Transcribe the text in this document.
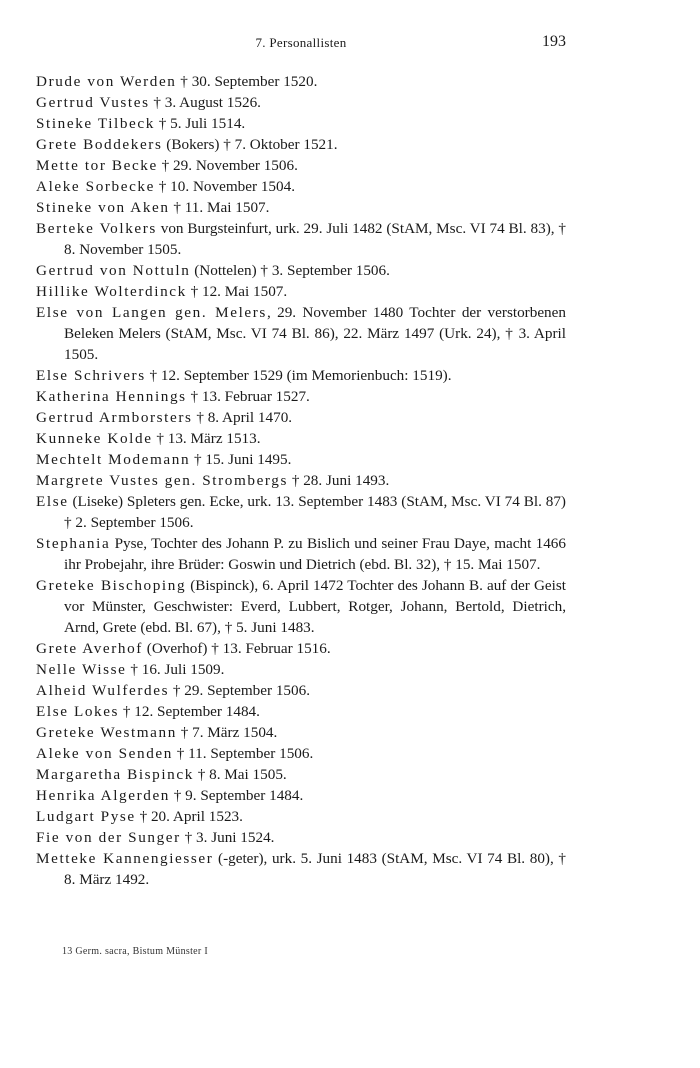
7. Personallisten	193

Drude von Werden † 30. September 1520.

Gertrud Vustes † 3. August 1526.

Stineke Tilbeck † 5. Juli 1514.

Grete Boddekers (Bokers) † 7. Oktober 1521.

Mette tor Becke † 29. November 1506.

Aleke Sorbecke † 10. November 1504.

Stineke von Aken † 11. Mai 1507.

Berteke Volkers von Burgsteinfurt, urk. 29. Juli 1482 (StAM, Msc. VI 74 Bl. 83), † 8. November 1505.

Gertrud von Nottuln (Nottelen) † 3. September 1506.

Hillike Wolterdinck † 12. Mai 1507.

Else von Langen gen. Melers, 29. November 1480 Tochter der verstorbenen Beleken Melers (StAM, Msc. VI 74 Bl. 86), 22. März 1497 (Urk. 24), † 3. April 1505.

Else Schrivers † 12. September 1529 (im Memorienbuch: 1519).

Katherina Hennings † 13. Februar 1527.

Gertrud Armborsters † 8. April 1470.

Kunneke Kolde † 13. März 1513.

Mechtelt Modemann † 15. Juni 1495.

Margrete Vustes gen. Strombergs † 28. Juni 1493.

Else (Liseke) Spleters gen. Ecke, urk. 13. September 1483 (StAM, Msc. VI 74 Bl. 87) † 2. September 1506.

Stephania Pyse, Tochter des Johann P. zu Bislich und seiner Frau Daye, macht 1466 ihr Probejahr, ihre Brüder: Goswin und Dietrich (ebd. Bl. 32), † 15. Mai 1507.

Greteke Bischoping (Bispinck), 6. April 1472 Tochter des Johann B. auf der Geist vor Münster, Geschwister: Everd, Lubbert, Rotger, Johann, Bertold, Dietrich, Arnd, Grete (ebd. Bl. 67), † 5. Juni 1483.

Grete Averhof (Overhof) † 13. Februar 1516.

Nelle Wisse † 16. Juli 1509.

Alheid Wulferdes † 29. September 1506.

Else Lokes † 12. September 1484.

Greteke Westmann † 7. März 1504.

Aleke von Senden † 11. September 1506.

Margaretha Bispinck † 8. Mai 1505.

Henrika Algerden † 9. September 1484.

Ludgart Pyse † 20. April 1523.

Fie von der Sunger † 3. Juni 1524.

Metteke Kannengiesser (-geter), urk. 5. Juni 1483 (StAM, Msc. VI 74 Bl. 80), † 8. März 1492.

13 Germ. sacra, Bistum Münster I
